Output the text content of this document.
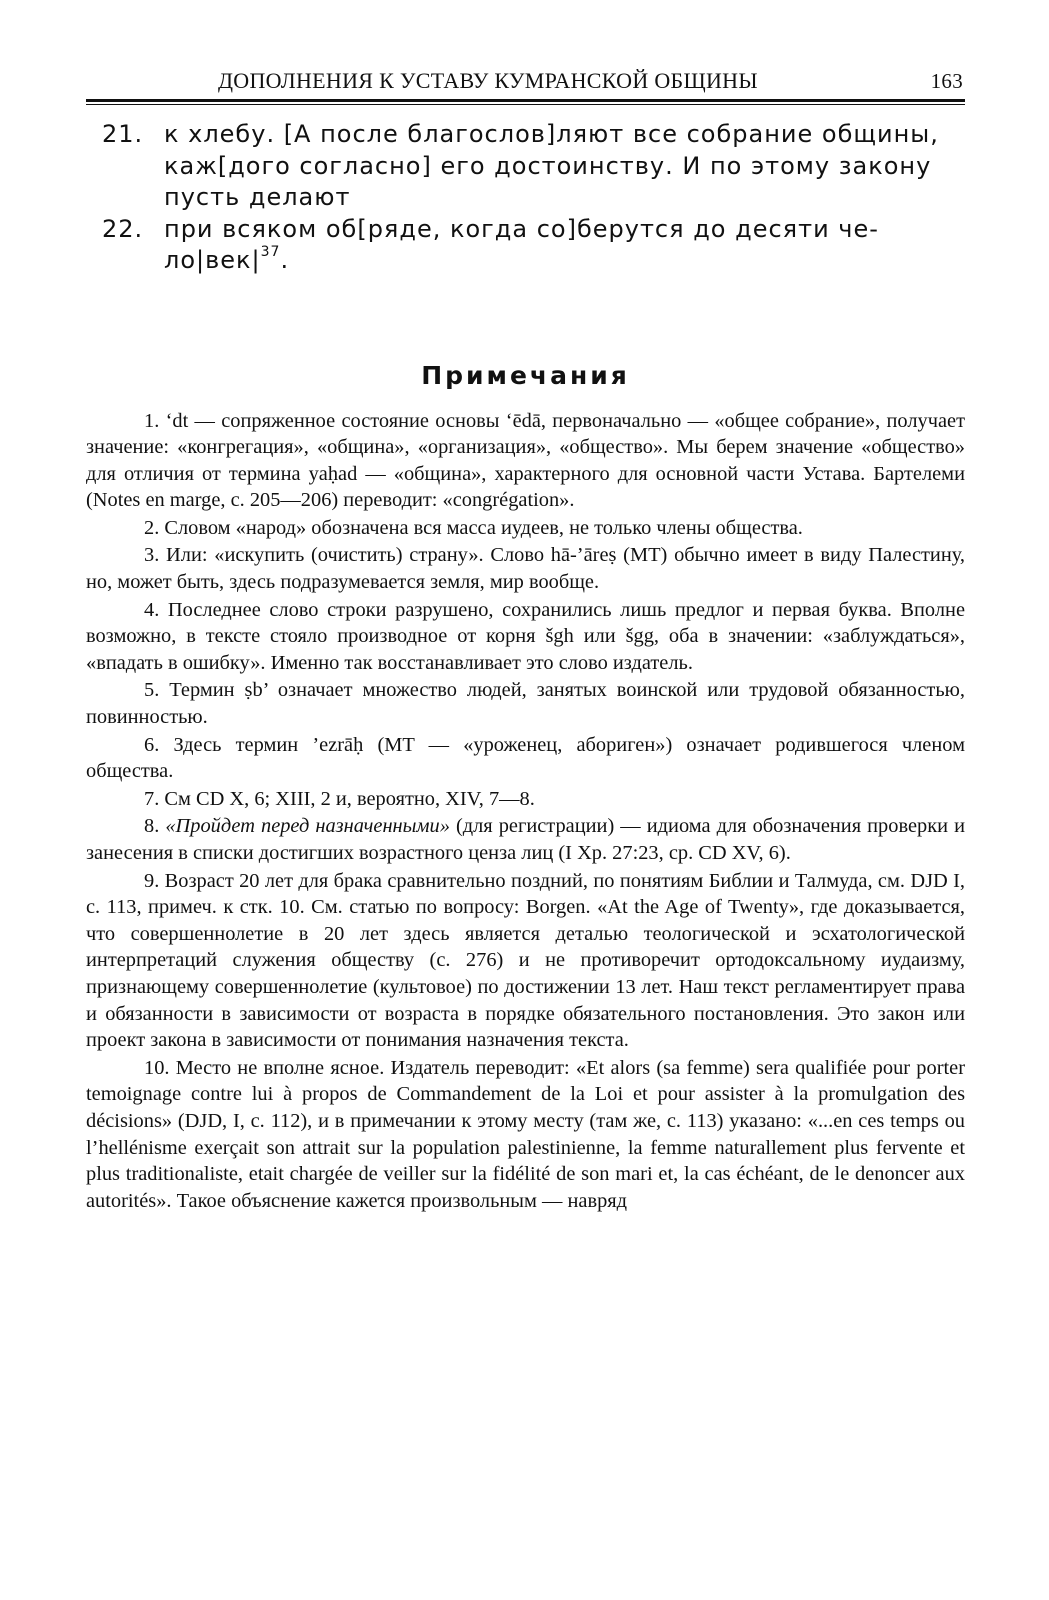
ДОПОЛНЕНИЯ К УСТАВУ КУМРАНСКОЙ ОБЩИНЫ	163
21. к хлебу. [А после благослов]ляют все собрание общины,
каж[дого согласно] его достоинству. И по этому закону
пусть делают
22. при всяком об[ряде, когда со]берутся до десяти че-
$ло|век|^{37}$.
Примечания

1. ‘dt — сопряженное состояние основы ‘ēdā, первоначально — «общее собрание», получает значение: «конгрегация», «община», «организация», «общество». Мы берем значение «общество» для отличия от термина yaḥad — «община», характерного для основной части Устава. Бартелеми (Notes en marge, с. 205—206) переводит: «congrégation».

2. Словом «народ» обозначена вся масса иудеев, не только члены общества.

3. Или: «искупить (очистить) страну». Слово hā-’āreṣ (MT) обычно имеет в виду Палестину, но, может быть, здесь подразумевается земля, мир вообще.

4. Последнее слово строки разрушено, сохранились лишь предлог и первая буква. Вполне возможно, в тексте стояло производное от корня šgh или šgg, оба в значении: «заблуждаться», «впадать в ошибку». Именно так восстанавливает это слово издатель.

5. Термин ṣb’ означает множество людей, занятых воинской или трудовой обязанностью, повинностью.

6. Здесь термин ’ezrāḥ (MT — «уроженец, абориген») означает родившегося членом общества.

7. См CD X, 6; XIII, 2 и, вероятно, XIV, 7—8.

8. «Пройдет перед назначенными» (для регистрации) — идиома для обозначения проверки и занесения в списки достигших возрастного ценза лиц (I Хр. 27:23, ср. CD XV, 6).

9. Возраст 20 лет для брака сравнительно поздний, по понятиям Библии и Талмуда, см. DJD I, с. 113, примеч. к стк. 10. См. статью по вопросу: Borgen. «At the Age of Twenty», где доказывается, что совершеннолетие в 20 лет здесь является деталью теологической и эсхатологической интерпретаций служения обществу (с. 276) и не противоречит ортодоксальному иудаизму, признающему совершеннолетие (культовое) по достижении 13 лет. Наш текст регламентирует права и обязанности в зависимости от возраста в порядке обязательного постановления. Это закон или проект закона в зависимости от понимания назначения текста.

10. Место не вполне ясное. Издатель переводит: «Et alors (sa femme) sera qualifiée pour porter temoignage contre lui à propos de Commandement de la Loi et pour assister à la promulgation des décisions» (DJD, I, с. 112), и в примечании к этому месту (там же, с. 113) указано: «...en ces temps ou l’hellénisme exerçait son attrait sur la population palestinienne, la femme naturallement plus fervente et plus traditionaliste, etait chargée de veiller sur la fidélité de son mari et, la cas échéant, de le denoncer aux autorités». Такое объяснение кажется произвольным — навряд
